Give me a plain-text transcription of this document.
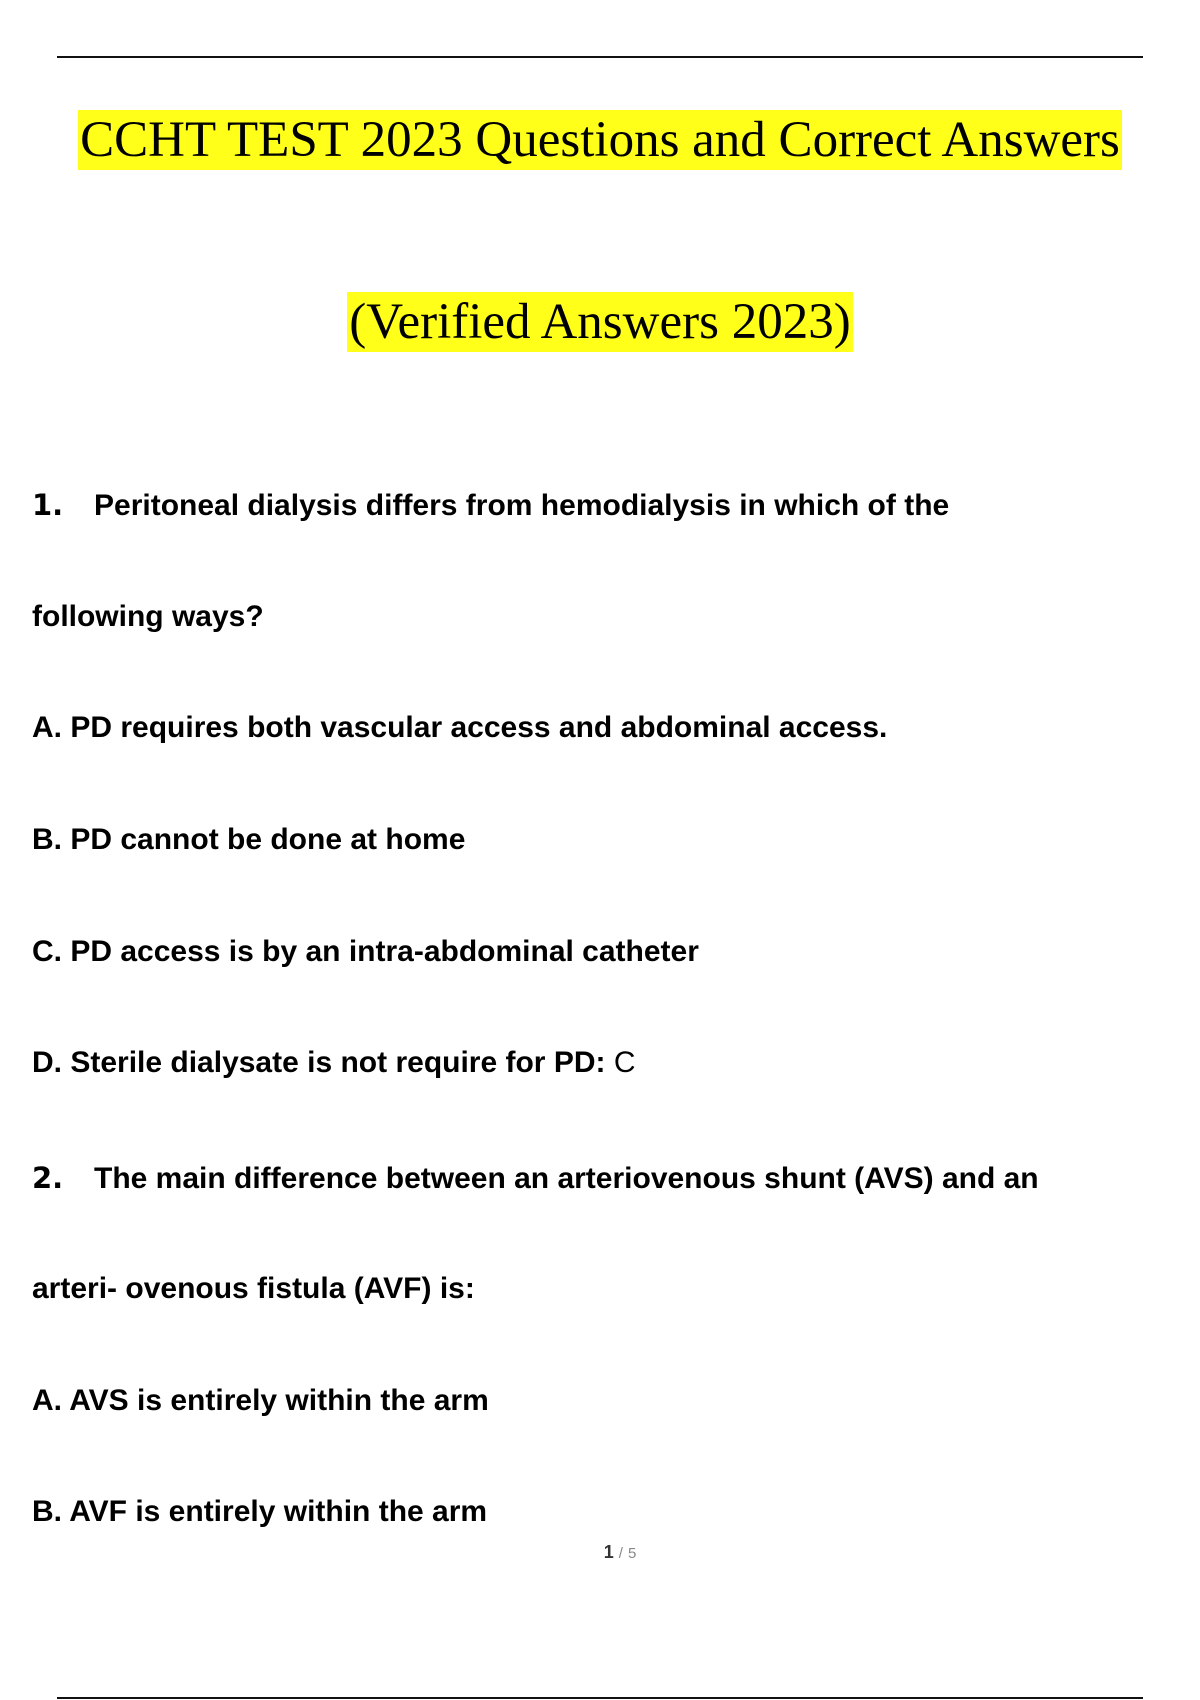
CCHT TEST 2023 Questions and Correct Answers
(Verified Answers 2023)
1. Peritoneal dialysis differs from hemodialysis in which of the
following ways?
A. PD requires both vascular access and abdominal access.
B. PD cannot be done at home
C. PD access is by an intra-abdominal catheter
D. Sterile dialysate is not require for PD: C
2. The main difference between an arteriovenous shunt (AVS) and an
arteri- ovenous fistula (AVF) is:
A. AVS is entirely within the arm
B. AVF is entirely within the arm
1 / 5
